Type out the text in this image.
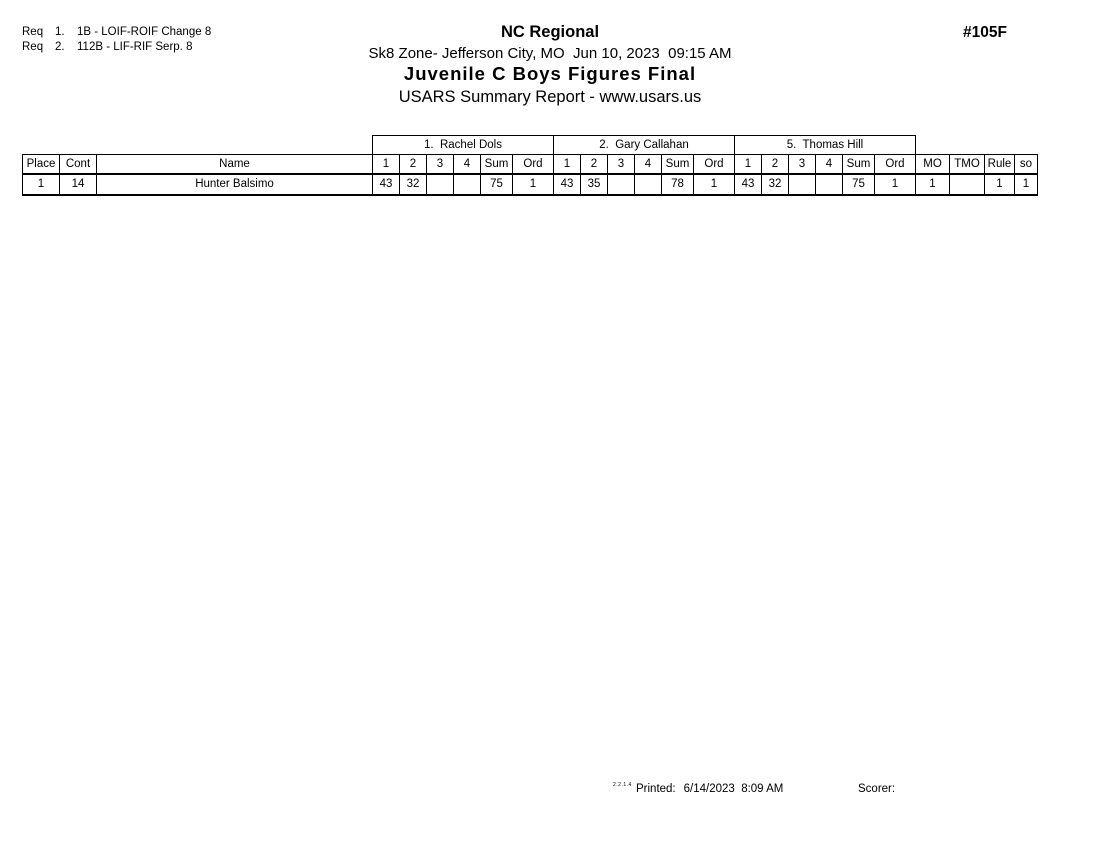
Req	1.	1B - LOIF-ROIF Change 8
Req	2.	112B - LIF-RIF Serp. 8
NC Regional
Sk8 Zone- Jefferson City, MO  Jun 10, 2023  09:15 AM
Juvenile C Boys Figures Final
USARS Summary Report - www.usars.us
#105F
			1.  Rachel Dols						2.  Gary Callahan						5.  Thomas Hill									
Place	Cont	Name	1	2	3	4	Sum	Ord	1	2	3	4	Sum	Ord	1	2	3	4	Sum	Ord	MO	TMO	Rule	so
1	14	Hunter Balsimo	43	32			75	1	43	35			78	1	43	32			75	1	1		1	1
2.2.1.4 Printed: 6/14/2023  8:09 AM	Scorer:
